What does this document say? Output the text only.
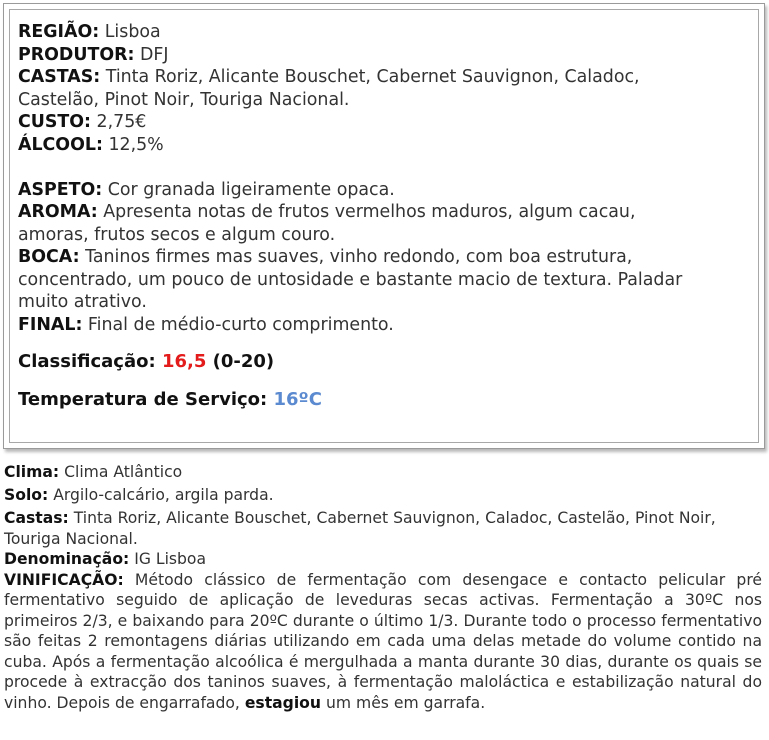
REGIÃO: Lisboa
PRODUTOR: DFJ
CASTAS: Tinta Roriz, Alicante Bouschet, Cabernet Sauvignon, Caladoc,
Castelão, Pinot Noir, Touriga Nacional.
CUSTO: 2,75€
ÁLCOOL: 12,5%
ASPETO: Cor granada ligeiramente opaca.
AROMA: Apresenta notas de frutos vermelhos maduros, algum cacau,
amoras, frutos secos e algum couro.
BOCA: Taninos firmes mas suaves, vinho redondo, com boa estrutura,
concentrado, um pouco de untosidade e bastante macio de textura. Paladar
muito atrativo.
FINAL: Final de médio-curto comprimento.
Classificação: 16,5 (0-20)
Temperatura de Serviço: 16ºC
Clima: Clima Atlântico
Solo: Argilo-calcário, argila parda.
Castas: Tinta Roriz, Alicante Bouschet, Cabernet Sauvignon, Caladoc, Castelão, Pinot Noir, Touriga Nacional.
Denominação: IG Lisboa
VINIFICAÇÃO: Método clássico de fermentação com desengace e contacto pelicular pré fermentativo seguido de aplicação de leveduras secas activas. Fermentação a 30ºC nos primeiros 2/3, e baixando para 20ºC durante o último 1/3. Durante todo o processo fermentativo são feitas 2 remontagens diárias utilizando em cada uma delas metade do volume contido na cuba. Após a fermentação alcoólica é mergulhada a manta durante 30 dias, durante os quais se procede à extracção dos taninos suaves, à fermentação maloláctica e estabilização natural do vinho. Depois de engarrafado, estagiou um mês em garrafa.
